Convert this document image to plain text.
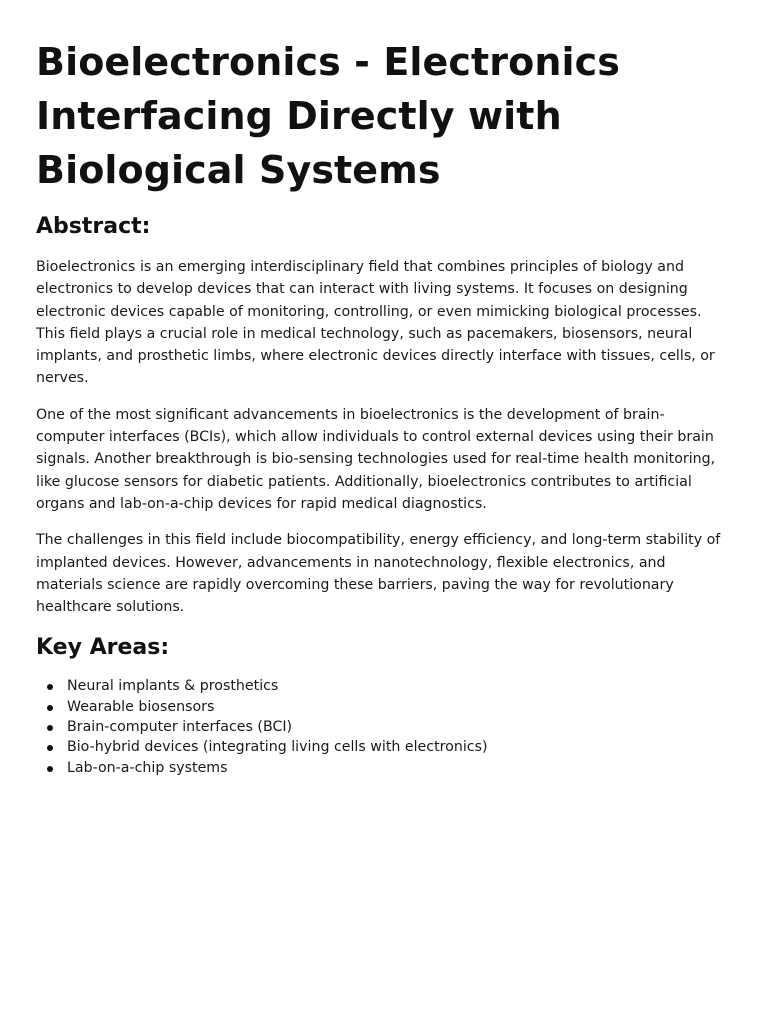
Bioelectronics - Electronics Interfacing Directly with Biological Systems
Abstract:

Bioelectronics is an emerging interdisciplinary field that combines principles of biology and electronics to develop devices that can interact with living systems. It focuses on designing electronic devices capable of monitoring, controlling, or even mimicking biological processes. This field plays a crucial role in medical technology, such as pacemakers, biosensors, neural implants, and prosthetic limbs, where electronic devices directly interface with tissues, cells, or nerves.

One of the most significant advancements in bioelectronics is the development of brain-computer interfaces (BCIs), which allow individuals to control external devices using their brain signals. Another breakthrough is bio-sensing technologies used for real-time health monitoring, like glucose sensors for diabetic patients. Additionally, bioelectronics contributes to artificial organs and lab-on-a-chip devices for rapid medical diagnostics.

The challenges in this field include biocompatibility, energy efficiency, and long-term stability of implanted devices. However, advancements in nanotechnology, flexible electronics, and materials science are rapidly overcoming these barriers, paving the way for revolutionary healthcare solutions.

Key Areas:
Neural implants & prosthetics
Wearable biosensors
Brain-computer interfaces (BCI)
Bio-hybrid devices (integrating living cells with electronics)
Lab-on-a-chip systems
